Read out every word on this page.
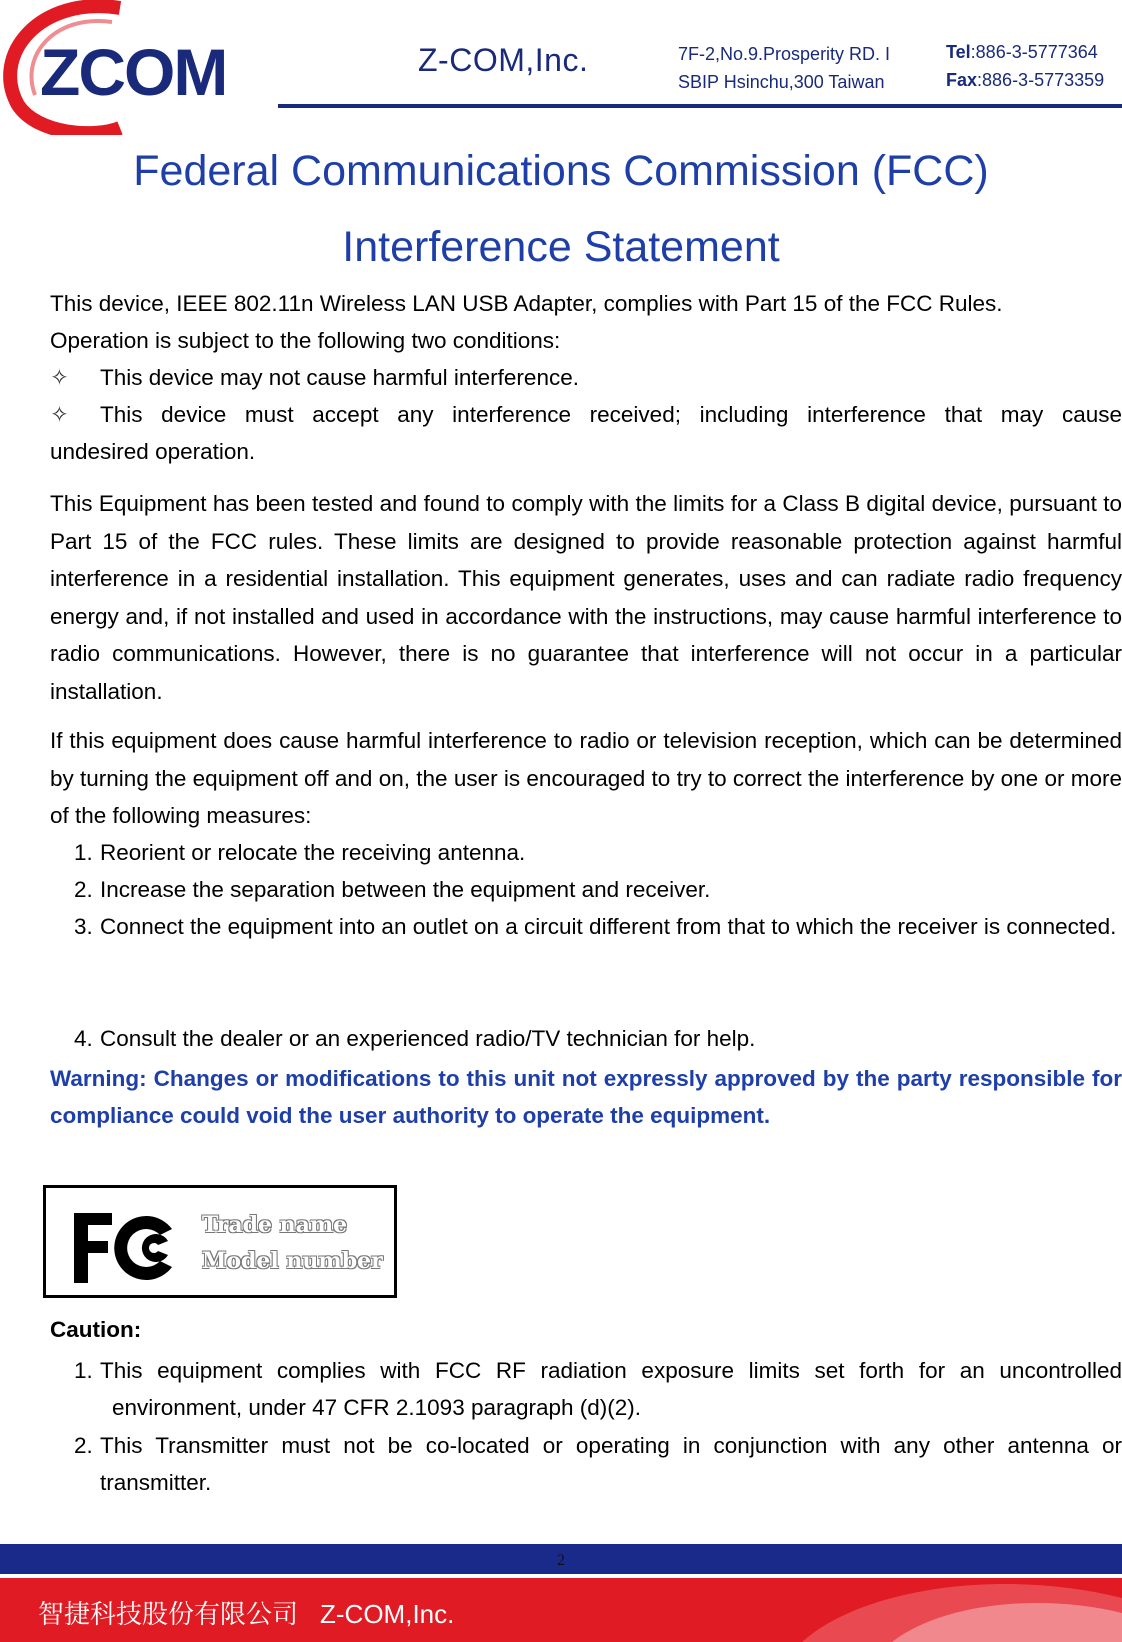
ZCOM	Z-COM,Inc.	7F-2,No.9.Prosperity RD. I
SBIP Hsinchu,300 Taiwan
Tel:886-3-5777364
Fax:886-3-5773359
Federal Communications Commission (FCC)
Interference Statement
This device, IEEE 802.11n Wireless LAN USB Adapter, complies with Part 15 of the FCC Rules.
Operation is subject to the following two conditions:
✧ This device may not cause harmful interference.
✧ This device must accept any interference received; including interference that may cause
undesired operation.
This Equipment has been tested and found to comply with the limits for a Class B digital device, pursuant to Part 15 of the FCC rules. These limits are designed to provide reasonable protection against harmful interference in a residential installation. This equipment generates, uses and can radiate radio frequency energy and, if not installed and used in accordance with the instructions, may cause harmful interference to radio communications. However, there is no guarantee that interference will not occur in a particular installation.
If this equipment does cause harmful interference to radio or television reception, which can be determined by turning the equipment off and on, the user is encouraged to try to correct the interference by one or more of the following measures:
1. Reorient or relocate the receiving antenna.
2. Increase the separation between the equipment and receiver.
3. Connect the equipment into an outlet on a circuit different from that to which the receiver is connected.
4. Consult the dealer or an experienced radio/TV technician for help.
Warning: Changes or modifications to this unit not expressly approved by the party responsible for compliance could void the user authority to operate the equipment.
Trade name
Model number
Caution:
1. This equipment complies with FCC RF radiation exposure limits set forth for an uncontrolled
environment, under 47 CFR 2.1093 paragraph (d)(2).
2. This Transmitter must not be co-located or operating in conjunction with any other antenna or
transmitter.
2
智捷科技股份有限公司 Z-COM,Inc.
